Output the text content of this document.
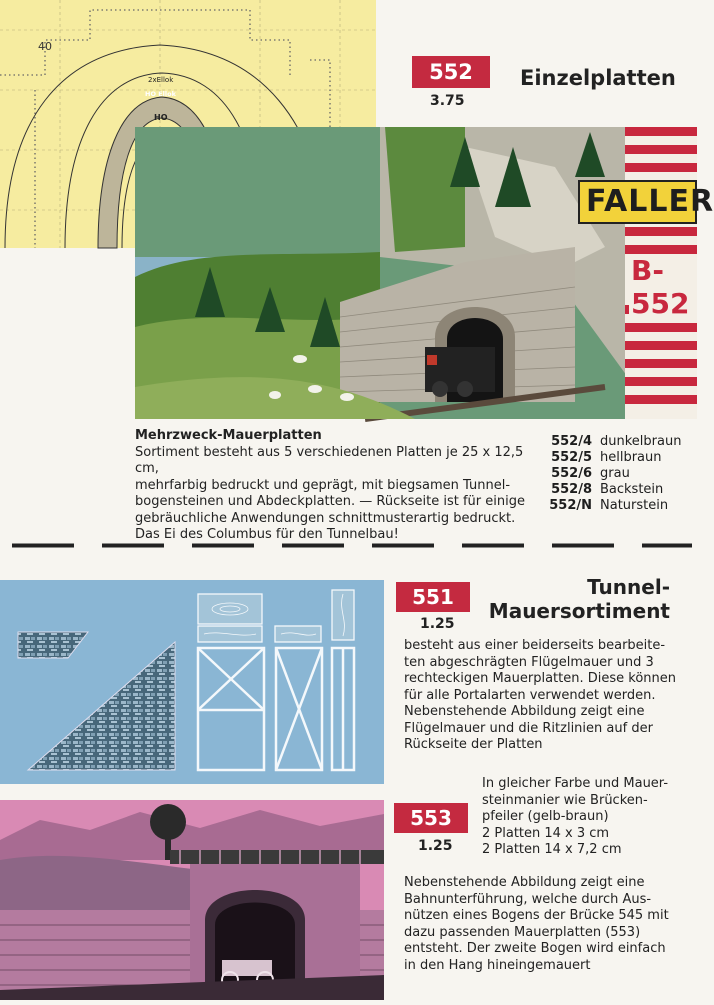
40
2xEllok
HO Ellok
HO
552
3.75
Einzelplatten
FALLER
B-552
Mehrzweck-Mauerplatten
Sortiment besteht aus 5 verschiedenen Platten je 25 x 12,5 cm,
mehrfarbig bedruckt und geprägt, mit biegsamen Tunnel-
bogensteinen und Abdeckplatten. — Rückseite ist für einige
gebräuchliche Anwendungen schnittmusterartig bedruckt.
Das Ei des Columbus für den Tunnelbau!
552/4 dunkelbraun
552/5 hellbraun
552/6 grau
552/8 Backstein
552/N Naturstein
551
1.25
Tunnel-
Mauersortiment
besteht aus einer beiderseits bearbeite-
ten abgeschrägten Flügelmauer und 3
rechteckigen Mauerplatten. Diese können
für alle Portalarten verwendet werden.
Nebenstehende Abbildung zeigt eine
Flügelmauer und die Ritzlinien auf der
Rückseite der Platten
553
1.25
In gleicher Farbe und Mauer-
steinmanier wie Brücken-
pfeiler (gelb-braun)
2 Platten 14 x 3 cm
2 Platten 14 x 7,2 cm
Nebenstehende Abbildung zeigt eine
Bahnunterführung, welche durch Aus-
nützen eines Bogens der Brücke 545 mit
dazu passenden Mauerplatten (553)
entsteht. Der zweite Bogen wird einfach
in den Hang hineingemauert
